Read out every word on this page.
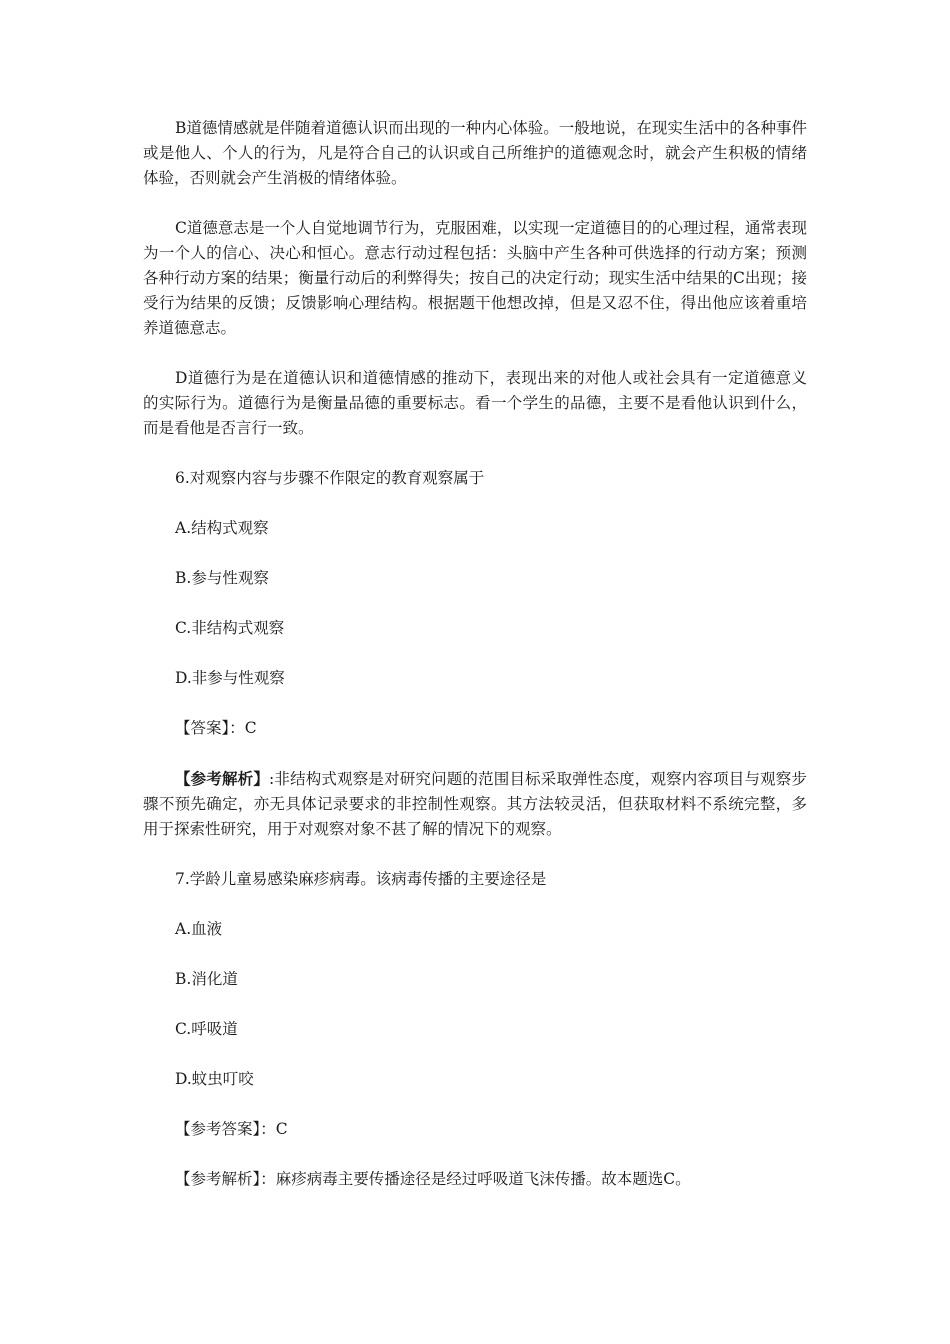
B道德情感就是伴随着道德认识而出现的一种内心体验。一般地说，在现实生活中的各种事件或是他人、个人的行为，凡是符合自己的认识或自己所维护的道德观念时，就会产生积极的情绪体验，否则就会产生消极的情绪体验。

C道德意志是一个人自觉地调节行为，克服困难，以实现一定道德目的的心理过程，通常表现为一个人的信心、决心和恒心。意志行动过程包括：头脑中产生各种可供选择的行动方案；预测各种行动方案的结果；衡量行动后的利弊得失；按自己的决定行动；现实生活中结果的C出现；接受行为结果的反馈；反馈影响心理结构。根据题干他想改掉，但是又忍不住，得出他应该着重培养道德意志。

D道德行为是在道德认识和道德情感的推动下，表现出来的对他人或社会具有一定道德意义的实际行为。道德行为是衡量品德的重要标志。看一个学生的品德，主要不是看他认识到什么，而是看他是否言行一致。

6.对观察内容与步骤不作限定的教育观察属于

A.结构式观察

B.参与性观察

C.非结构式观察

D.非参与性观察

【答案】：C

【参考解析】:非结构式观察是对研究问题的范围目标采取弹性态度，观察内容项目与观察步骤不预先确定，亦无具体记录要求的非控制性观察。其方法较灵活，但获取材料不系统完整，多用于探索性研究，用于对观察对象不甚了解的情况下的观察。

7.学龄儿童易感染麻疹病毒。该病毒传播的主要途径是

A.血液

B.消化道

C.呼吸道

D.蚊虫叮咬

【参考答案】：C

【参考解析】：麻疹病毒主要传播途径是经过呼吸道飞沫传播。故本题选C。
